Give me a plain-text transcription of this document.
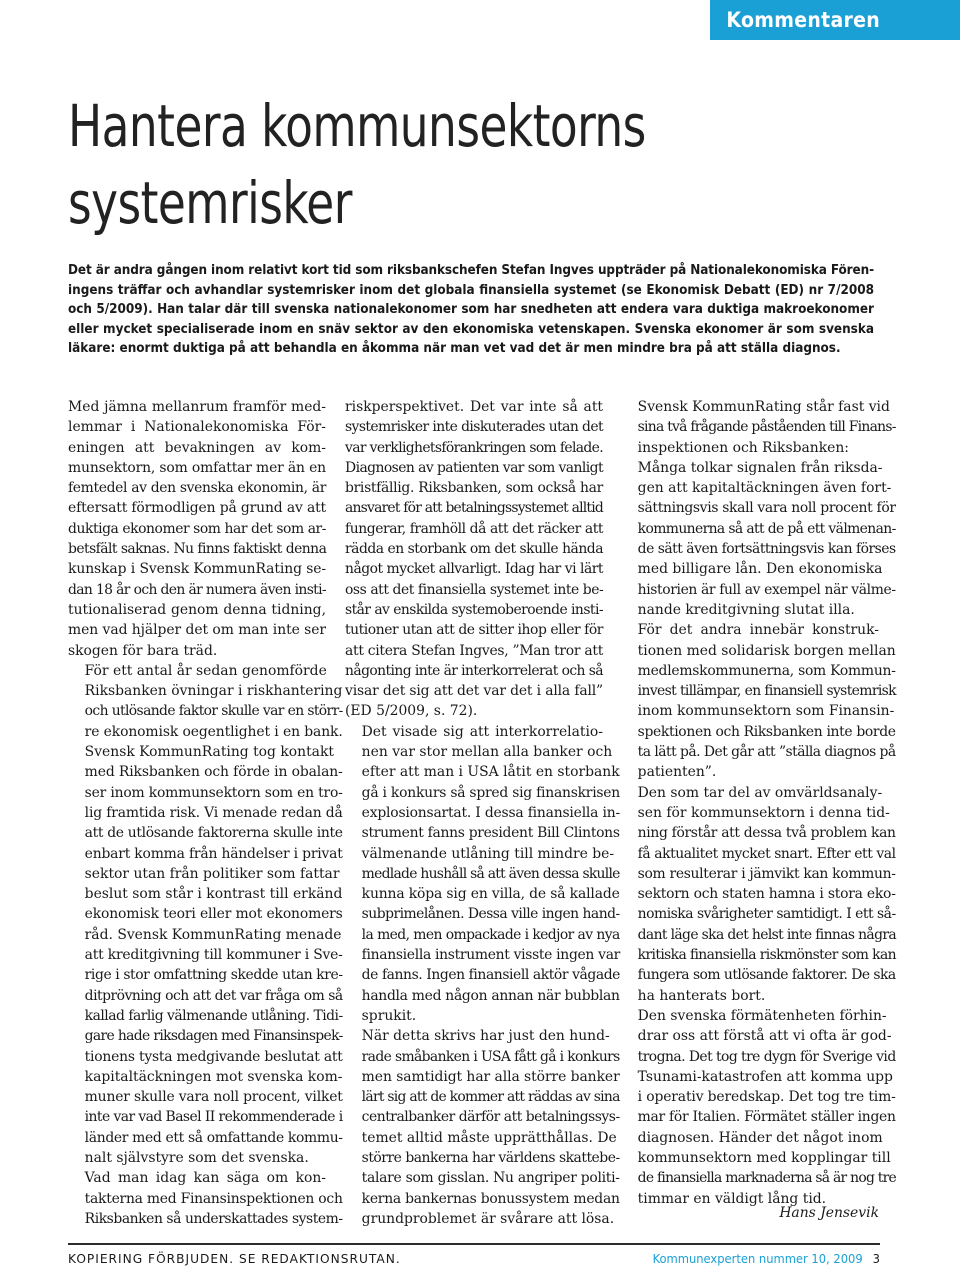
Kommentaren
Hantera kommunsektorns
systemrisker
Det är andra gången inom relativt kort tid som riksbankschefen Stefan Ingves uppträder på Nationalekonomiska Fören-
ingens träffar och avhandlar systemrisker inom det globala finansiella systemet (se Ekonomisk Debatt (ED) nr 7/2008
och 5/2009). Han talar där till svenska nationalekonomer som har snedheten att endera vara duktiga makroekonomer
eller mycket specialiserade inom en snäv sektor av den ekonomiska vetenskapen. Svenska ekonomer är som svenska
läkare: enormt duktiga på att behandla en åkomma när man vet vad det är men mindre bra på att ställa diagnos.

Med jämna mellanrum framför med-
lemmar i Nationalekonomiska För-
eningen att bevakningen av kom-
munsektorn, som omfattar mer än en
femtedel av den svenska ekonomin, är
eftersatt förmodligen på grund av att
duktiga ekonomer som har det som ar-
betsfält saknas. Nu finns faktiskt denna
kunskap i Svensk KommunRating se-
dan 18 år och den är numera även insti-
tutionaliserad genom denna tidning,
men vad hjälper det om man inte ser
skogen för bara träd.

För ett antal år sedan genomförde
Riksbanken övningar i riskhantering
och utlösande faktor skulle var en störr-
re ekonomisk oegentlighet i en bank.
Svensk KommunRating tog kontakt
med Riksbanken och förde in obalan-
ser inom kommunsektorn som en tro-
lig framtida risk. Vi menade redan då
att de utlösande faktorerna skulle inte
enbart komma från händelser i privat
sektor utan från politiker som fattar
beslut som står i kontrast till erkänd
ekonomisk teori eller mot ekonomers
råd. Svensk KommunRating menade
att kreditgivning till kommuner i Sve-
rige i stor omfattning skedde utan kre-
ditprövning och att det var fråga om så
kallad farlig välmenande utlåning. Tidi-
gare hade riksdagen med Finansinspek-
tionens tysta medgivande beslutat att
kapitaltäckningen mot svenska kom-
muner skulle vara noll procent, vilket
inte var vad Basel II rekommenderade i
länder med ett så omfattande kommu-
nalt självstyre som det svenska.

Vad man idag kan säga om kon-
takterna med Finansinspektionen och
Riksbanken så underskattades system-

riskperspektivet. Det var inte så att
systemrisker inte diskuterades utan det
var verklighetsförankringen som felade.
Diagnosen av patienten var som vanligt
bristfällig. Riksbanken, som också har
ansvaret för att betalningssystemet alltid
fungerar, framhöll då att det räcker att
rädda en storbank om det skulle hända
något mycket allvarligt. Idag har vi lärt
oss att det finansiella systemet inte be-
står av enskilda systemoberoende insti-
tutioner utan att de sitter ihop eller för
att citera Stefan Ingves, ”Man tror att
någonting inte är interkorrelerat och så
visar det sig att det var det i alla fall”
(ED 5/2009, s. 72).

Det visade sig att interkorrelatio-
nen var stor mellan alla banker och
efter att man i USA låtit en storbank
gå i konkurs så spred sig finanskrisen
explosionsartat. I dessa finansiella in-
strument fanns president Bill Clintons
välmenande utlåning till mindre be-
medlade hushåll så att även dessa skulle
kunna köpa sig en villa, de så kallade
subprimelånen. Dessa ville ingen hand-
la med, men ompackade i kedjor av nya
finansiella instrument visste ingen var
de fanns. Ingen finansiell aktör vågade
handla med någon annan när bubblan
sprukit.

När detta skrivs har just den hund-
rade småbanken i USA fått gå i konkurs
men samtidigt har alla större banker
lärt sig att de kommer att räddas av sina
centralbanker därför att betalningssys-
temet alltid måste upprätthållas. De
större bankerna har världens skattebe-
talare som gisslan. Nu angriper politi-
kerna bankernas bonussystem medan
grundproblemet är svårare att lösa.

Svensk KommunRating står fast vid
sina två frågande påståenden till Finans-
inspektionen och Riksbanken:

Många tolkar signalen från riksda-
gen att kapitaltäckningen även fort-
sättningsvis skall vara noll procent för
kommunerna så att de på ett välmenan-
de sätt även fortsättningsvis kan förses
med billigare lån. Den ekonomiska
historien är full av exempel när välme-
nande kreditgivning slutat illa.

För det andra innebär konstruk-
tionen med solidarisk borgen mellan
medlemskommunerna, som Kommun-
invest tillämpar, en finansiell systemrisk
inom kommunsektorn som Finansin-
spektionen och Riksbanken inte borde
ta lätt på. Det går att ”ställa diagnos på
patienten”.

Den som tar del av omvärldsanaly-
sen för kommunsektorn i denna tid-
ning förstår att dessa två problem kan
få aktualitet mycket snart. Efter ett val
som resulterar i jämvikt kan kommun-
sektorn och staten hamna i stora eko-
nomiska svårigheter samtidigt. I ett så-
dant läge ska det helst inte finnas några
kritiska finansiella riskmönster som kan
fungera som utlösande faktorer. De ska
ha hanterats bort.

Den svenska förmätenheten förhin-
drar oss att förstå att vi ofta är god-
trogna. Det tog tre dygn för Sverige vid
Tsunami-katastrofen att komma upp
i operativ beredskap. Det tog tre tim-
mar för Italien. Förmätet ställer ingen
diagnosen. Händer det något inom
kommunsektorn med kopplingar till
de finansiella marknaderna så är nog tre
timmar en väldigt lång tid.

Hans Jensevik
KOPIERING FÖRBJUDEN. SE REDAKTIONSRUTAN.	Kommunexperten nummer 10, 2009 3
